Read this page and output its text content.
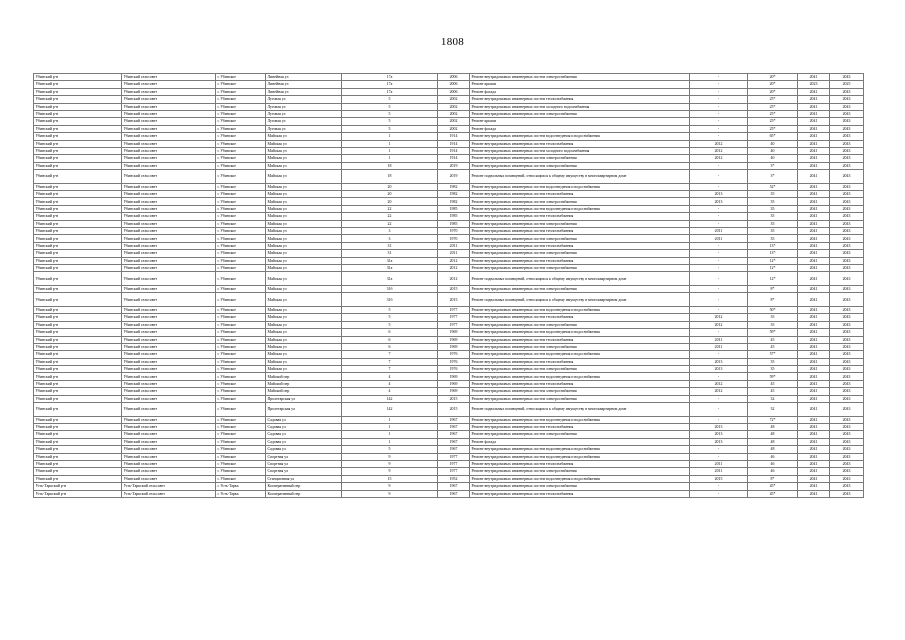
1808
Убинский р-н	Убинский сельсовет	с Убинское	Линейная ул	17а	2006	Ремонт внутридомовых инженерных систем электроснабжения	-	20*	2041	2043
Убинский р-н	Убинский сельсовет	с Убинское	Линейная ул	17а	2006	Ремонт крыши	-	20*	2023	2025
Убинский р-н	Убинский сельсовет	с Убинское	Линейная ул	17а	2006	Ремонт фасада	-	20*	2041	2043
Убинский р-н	Убинский сельсовет	с Убинское	Луговая ул	5	2002	Ремонт внутридомовых инженерных систем теплоснабжения	-	25*	2041	2043
Убинский р-н	Убинский сельсовет	с Убинское	Луговая ул	5	2002	Ремонт внутридомовых инженерных систем холодного водоснабжения	-	25*	2041	2043
Убинский р-н	Убинский сельсовет	с Убинское	Луговая ул	5	2002	Ремонт внутридомовых инженерных систем электроснабжения	-	25*	2041	2043
Убинский р-н	Убинский сельсовет	с Убинское	Луговая ул	5	2002	Ремонт крыши	-	25*	2041	2043
Убинский р-н	Убинский сельсовет	с Убинское	Луговая ул	5	2002	Ремонт фасада	-	25*	2041	2043
Убинский р-н	Убинский сельсовет	с Убинское	Майская ул	1	1914	Ремонт внутридомовых инженерных систем водоотведения и водоснабжения	-	65*	2041	2043
Убинский р-н	Убинский сельсовет	с Убинское	Майская ул	1	1914	Ремонт внутридомовых инженерных систем теплоснабжения	2012	40	2041	2043
Убинский р-н	Убинский сельсовет	с Убинское	Майская ул	1	1914	Ремонт внутридомовых инженерных систем холодного водоснабжения	2012	40	2041	2043
Убинский р-н	Убинский сельсовет	с Убинское	Майская ул	1	1914	Ремонт внутридомовых инженерных систем электроснабжения	2012	40	2041	2043
Убинский р-н	Убинский сельсовет	с Убинское	Майская ул	18	2019	Ремонт внутридомовых инженерных систем электроснабжения	-	3*	2041	2043
Убинский р-н	Убинский сельсовет	с Убинское	Майская ул	18	2019	Ремонт подвальных помещений, относящихся к общему имуществу в многоквартирном доме	-	3*	2041	2043
Убинский р-н	Убинский сельсовет	с Убинское	Майская ул	20	1982	Ремонт внутридомовых инженерных систем водоотведения и водоснабжения	-	52*	2041	2043
Убинский р-н	Убинский сельсовет	с Убинское	Майская ул	20	1982	Ремонт внутридомовых инженерных систем теплоснабжения	2013	35	2041	2043
Убинский р-н	Убинский сельсовет	с Убинское	Майская ул	20	1982	Ремонт внутридомовых инженерных систем электроснабжения	2013	35	2041	2043
Убинский р-н	Убинский сельсовет	с Убинское	Майская ул	22	1985	Ремонт внутридомовых инженерных систем водоотведения и водоснабжения	-	35	2041	2043
Убинский р-н	Убинский сельсовет	с Убинское	Майская ул	22	1985	Ремонт внутридомовых инженерных систем теплоснабжения	-	35	2041	2043
Убинский р-н	Убинский сельсовет	с Убинское	Майская ул	22	1985	Ремонт внутридомовых инженерных систем электроснабжения	-	35	2041	2043
Убинский р-н	Убинский сельсовет	с Убинское	Майская ул	3	1970	Ремонт внутридомовых инженерных систем теплоснабжения	2011	35	2041	2043
Убинский р-н	Убинский сельсовет	с Убинское	Майская ул	3	1970	Ремонт внутридомовых инженерных систем электроснабжения	2011	35	2041	2043
Убинский р-н	Убинский сельсовет	с Убинское	Майская ул	31	2011	Ремонт внутридомовых инженерных систем теплоснабжения	-	13*	2041	2043
Убинский р-н	Убинский сельсовет	с Убинское	Майская ул	31	2011	Ремонт внутридомовых инженерных систем электроснабжения	-	13*	2041	2043
Убинский р-н	Убинский сельсовет	с Убинское	Майская ул	31а	2012	Ремонт внутридомовых инженерных систем теплоснабжения	-	12*	2041	2043
Убинский р-н	Убинский сельсовет	с Убинское	Майская ул	31а	2012	Ремонт внутридомовых инженерных систем электроснабжения	-	12*	2041	2043
Убинский р-н	Убинский сельсовет	с Убинское	Майская ул	31а	2012	Ремонт подвальных помещений, относящихся к общему имуществу в многоквартирном доме	-	12*	2041	2043
Убинский р-н	Убинский сельсовет	с Убинское	Майская ул	31б	2015	Ремонт внутридомовых инженерных систем электроснабжения	-	8*	2041	2043
Убинский р-н	Убинский сельсовет	с Убинское	Майская ул	31б	2015	Ремонт подвальных помещений, относящихся к общему имуществу в многоквартирном доме	-	8*	2041	2043
Убинский р-н	Убинский сельсовет	с Убинское	Майская ул	5	1977	Ремонт внутридомовых инженерных систем водоотведения и водоснабжения	-	50*	2041	2043
Убинский р-н	Убинский сельсовет	с Убинское	Майская ул	5	1977	Ремонт внутридомовых инженерных систем теплоснабжения	2012	35	2041	2043
Убинский р-н	Убинский сельсовет	с Убинское	Майская ул	5	1977	Ремонт внутридомовых инженерных систем электроснабжения	2012	35	2041	2043
Убинский р-н	Убинский сельсовет	с Убинское	Майская ул	6	1969	Ремонт внутридомовых инженерных систем водоотведения и водоснабжения	-	59*	2041	2043
Убинский р-н	Убинский сельсовет	с Убинское	Майская ул	6	1969	Ремонт внутридомовых инженерных систем теплоснабжения	2011	45	2041	2043
Убинский р-н	Убинский сельсовет	с Убинское	Майская ул	6	1969	Ремонт внутридомовых инженерных систем электроснабжения	2011	45	2041	2043
Убинский р-н	Убинский сельсовет	с Убинское	Майская ул	7	1976	Ремонт внутридомовых инженерных систем водоотведения и водоснабжения	-	57*	2041	2043
Убинский р-н	Убинский сельсовет	с Убинское	Майская ул	7	1976	Ремонт внутридомовых инженерных систем теплоснабжения	2013	35	2041	2043
Убинский р-н	Убинский сельсовет	с Убинское	Майская ул	7	1976	Ремонт внутридомовых инженерных систем электроснабжения	2013	35	2041	2043
Убинский р-н	Убинский сельсовет	с Убинское	Майский пер	4	1969	Ремонт внутридомовых инженерных систем водоотведения и водоснабжения	-	59*	2041	2043
Убинский р-н	Убинский сельсовет	с Убинское	Майский пер	4	1969	Ремонт внутридомовых инженерных систем теплоснабжения	2012	45	2041	2043
Убинский р-н	Убинский сельсовет	с Убинское	Майский пер	4	1969	Ремонт внутридомовых инженерных систем электроснабжения	2012	45	2041	2043
Убинский р-н	Убинский сельсовет	с Убинское	Пролетарская ул	142	2015	Ремонт внутридомовых инженерных систем электроснабжения	-	32	2041	2043
Убинский р-н	Убинский сельсовет	с Убинское	Пролетарская ул	142	2015	Ремонт подвальных помещений, относящихся к общему имуществу в многоквартирном доме	-	32	2041	2043
Убинский р-н	Убинский сельсовет	с Убинское	Садовая ул	1	1967	Ремонт внутридомовых инженерных систем водоотведения и водоснабжения	-	72*	2041	2043
Убинский р-н	Убинский сельсовет	с Убинское	Садовая ул	1	1967	Ремонт внутридомовых инженерных систем теплоснабжения	2013	48	2041	2043
Убинский р-н	Убинский сельсовет	с Убинское	Садовая ул	1	1967	Ремонт внутридомовых инженерных систем электроснабжения	2013	48	2041	2043
Убинский р-н	Убинский сельсовет	с Убинское	Садовая ул	1	1967	Ремонт фасада	2013	48	2041	2043
Убинский р-н	Убинский сельсовет	с Убинское	Садовая ул	5	1967	Ремонт внутридомовых инженерных систем водоотведения и водоснабжения	-	48	2041	2043
Убинский р-н	Убинский сельсовет	с Убинское	Спортная ул	9	1977	Ремонт внутридомовых инженерных систем водоотведения и водоснабжения	-	46	2041	2043
Убинский р-н	Убинский сельсовет	с Убинское	Спортная ул	9	1977	Ремонт внутридомовых инженерных систем теплоснабжения	2011	46	2041	2043
Убинский р-н	Убинский сельсовет	с Убинское	Спортная ул	9	1977	Ремонт внутридомовых инженерных систем электроснабжения	2011	46	2041	2043
Убинский р-н	Убинский сельсовет	с Убинское	Станционная ул	15	1952	Ремонт внутридомовых инженерных систем водоотведения и водоснабжения	2015	8*	2041	2043
Усть-Таркский р-н	Усть-Таркский сельсовет	с Усть-Тарка	Кооперативный пер	9	1967	Ремонт внутридомовых инженерных систем электроснабжения	-	45*	2041	2043
Усть-Таркский р-н	Усть-Таркский сельсовет	с Усть-Тарка	Кооперативный пер	9	1967	Ремонт внутридомовых инженерных систем теплоснабжения	-	45*	2041	2043
